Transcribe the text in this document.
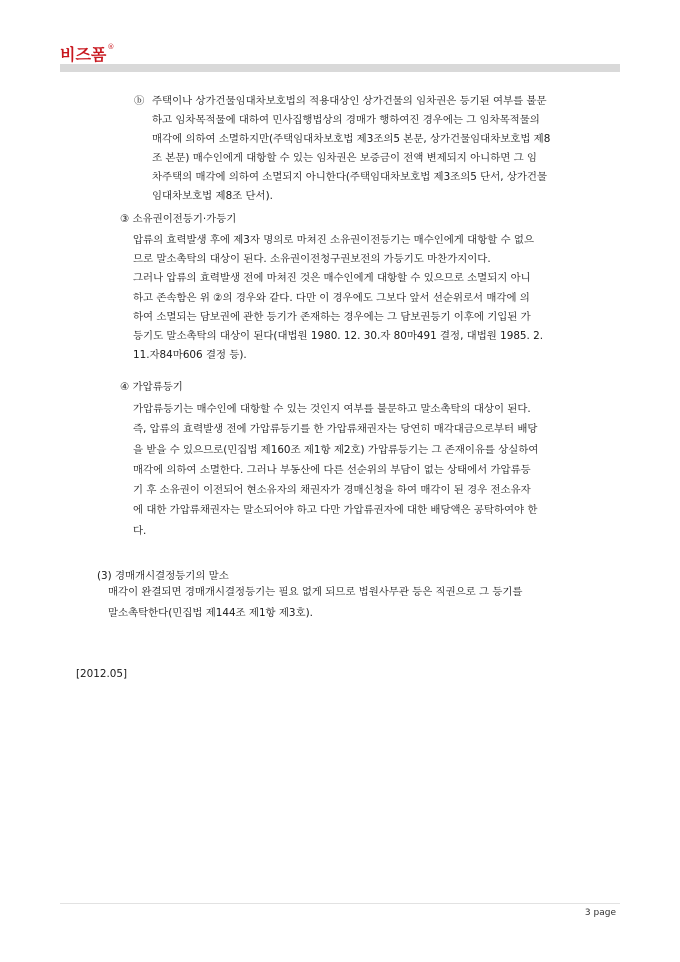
비즈폼 ®
ⓑ 주택이나 상가건물임대차보호법의 적용대상인 상가건물의 임차권은 등기된 여부를 불문
하고 임차목적물에 대하여 민사집행법상의 경매가 행하여진 경우에는 그 임차목적물의
매각에 의하여 소멸하지만(주택임대차보호법 제3조의5 본문, 상가건물임대차보호법 제8
조 본문) 매수인에게 대항할 수 있는 임차권은 보증금이 전액 변제되지 아니하면 그 임
차주택의 매각에 의하여 소멸되지 아니한다(주택임대차보호법 제3조의5 단서, 상가건물
임대차보호법 제8조 단서).
③ 소유권이전등기·가등기
압류의 효력발생 후에 제3자 명의로 마쳐진 소유권이전등기는 매수인에게 대항할 수 없으
므로 말소촉탁의 대상이 된다. 소유권이전청구권보전의 가등기도 마찬가지이다.
그러나 압류의 효력발생 전에 마쳐진 것은 매수인에게 대항할 수 있으므로 소멸되지 아니
하고 존속함은 위 ②의 경우와 같다. 다만 이 경우에도 그보다 앞서 선순위로서 매각에 의
하여 소멸되는 담보권에 관한 등기가 존재하는 경우에는 그 담보권등기 이후에 기입된 가
등기도 말소촉탁의 대상이 된다(대법원 1980. 12. 30.자 80마491 결정, 대법원 1985. 2.
11.자84마606 결정 등).
④ 가압류등기
가압류등기는 매수인에 대항할 수 있는 것인지 여부를 불문하고 말소촉탁의 대상이 된다.
즉, 압류의 효력발생 전에 가압류등기를 한 가압류채권자는 당연히 매각대금으로부터 배당
을 받을 수 있으므로(민집법 제160조 제1항 제2호) 가압류등기는 그 존재이유를 상실하여
매각에 의하여 소멸한다. 그러나 부동산에 다른 선순위의 부담이 없는 상태에서 가압류등
기 후 소유권이 이전되어 현소유자의 채권자가 경매신청을 하여 매각이 된 경우 전소유자
에 대한 가압류채권자는 말소되어야 하고 다만 가압류권자에 대한 배당액은 공탁하여야 한
다.
(3) 경매개시결정등기의 말소
매각이 완결되면 경매개시결정등기는 필요 없게 되므로 법원사무관 등은 직권으로 그 등기를
말소촉탁한다(민집법 제144조 제1항 제3호).
[2012.05]
3 page
